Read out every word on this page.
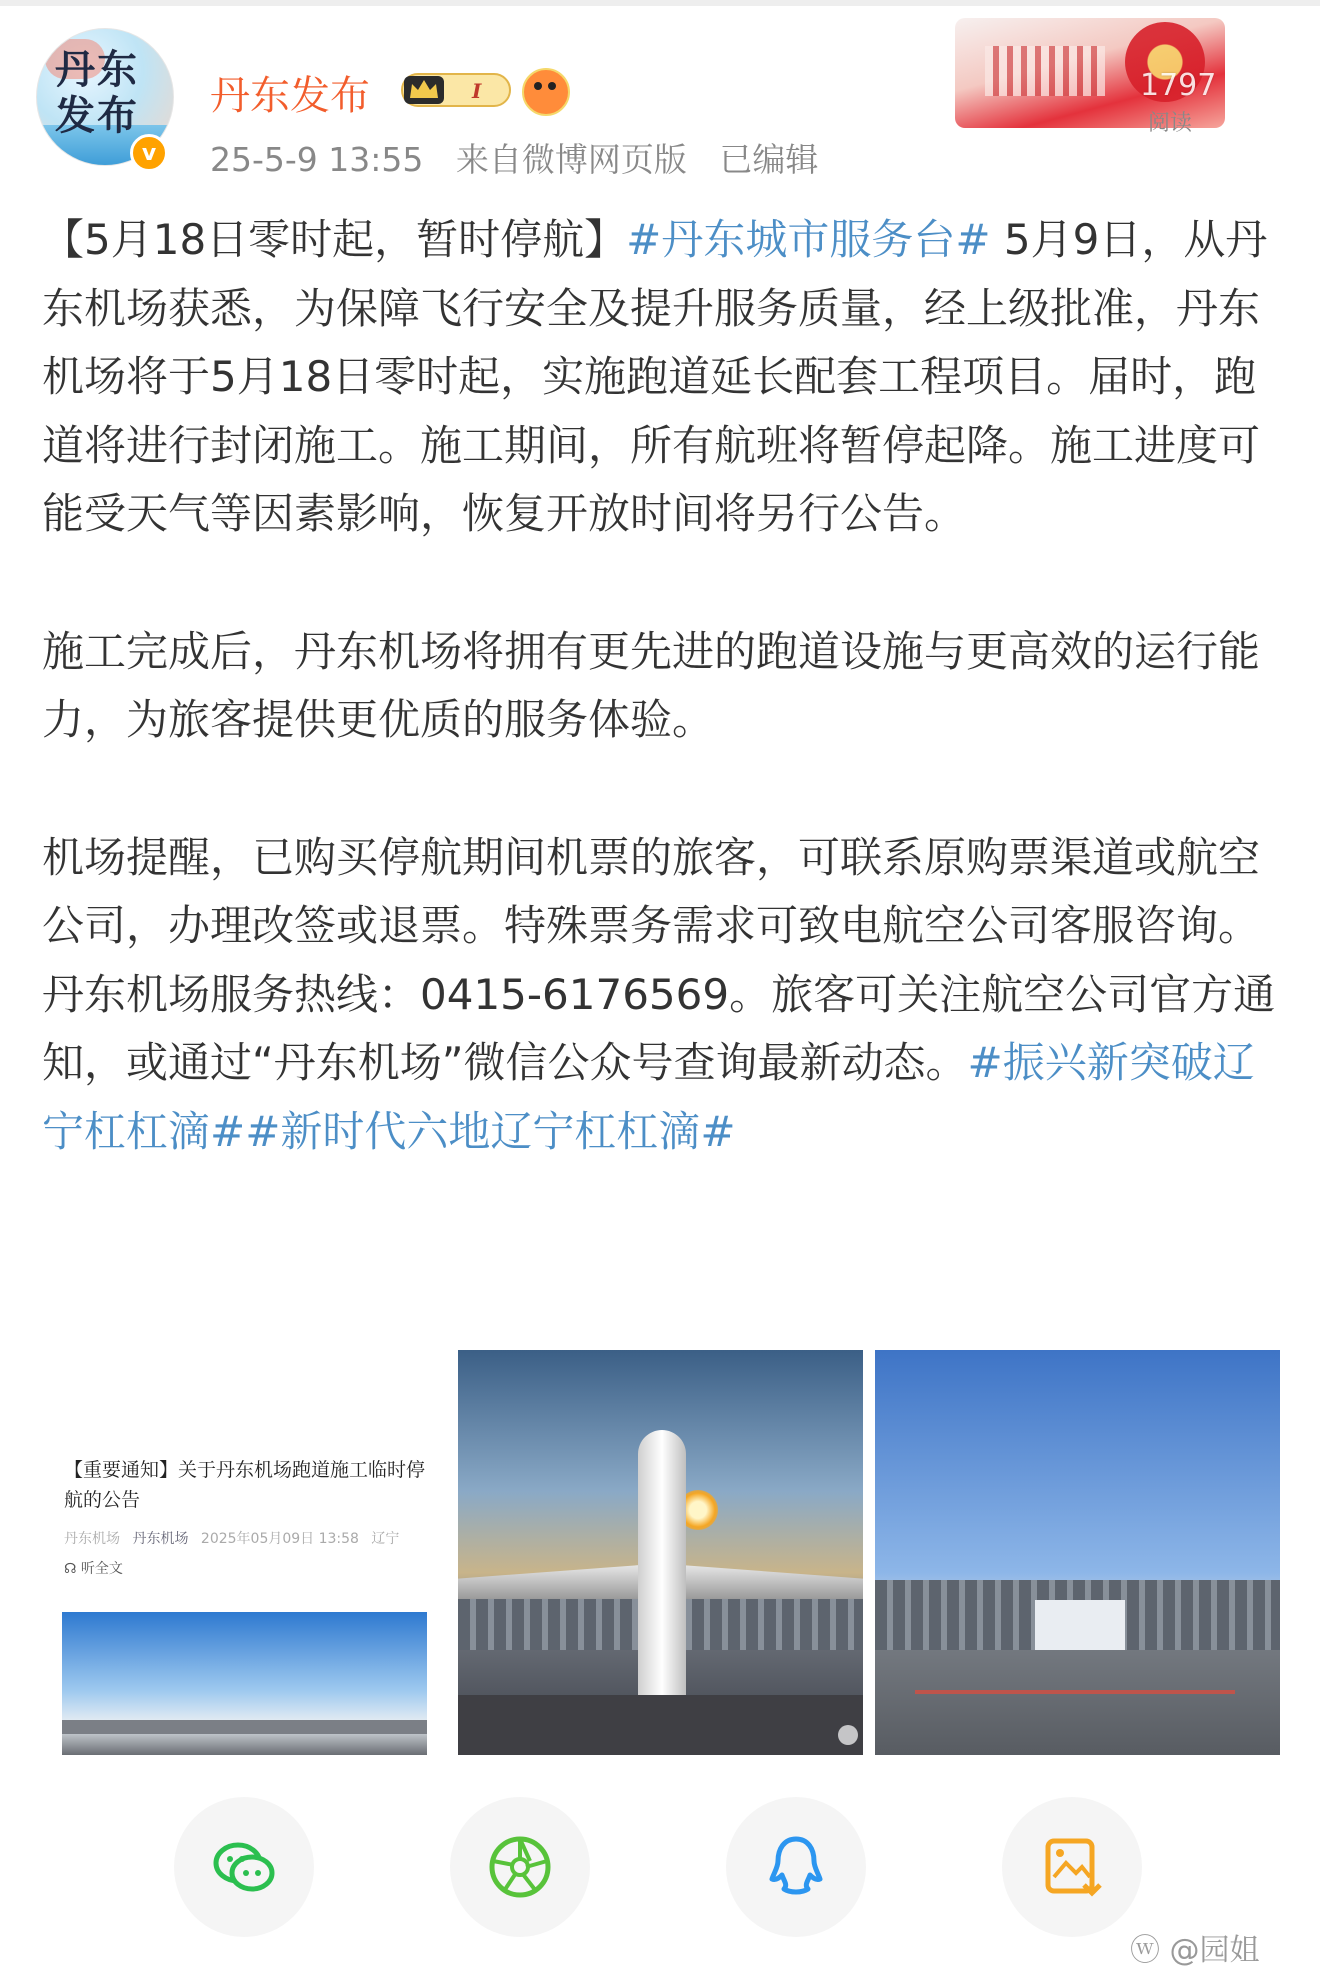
丹东发布
v
丹东发布	I
25-5-9 13:55 来自微博网页版 已编辑
1797
阅读

【5月18日零时起，暂时停航】#丹东城市服务台# 5月9日，从丹东机场获悉，为保障飞行安全及提升服务质量，经上级批准，丹东机场将于5月18日零时起，实施跑道延长配套工程项目。届时，跑道将进行封闭施工。施工期间，所有航班将暂停起降。施工进度可能受天气等因素影响，恢复开放时间将另行公告。

施工完成后，丹东机场将拥有更先进的跑道设施与更高效的运行能力，为旅客提供更优质的服务体验。

机场提醒，已购买停航期间机票的旅客，可联系原购票渠道或航空公司，办理改签或退票。特殊票务需求可致电航空公司客服咨询。丹东机场服务热线：0415-6176569。旅客可关注航空公司官方通知，或通过“丹东机场”微信公众号查询最新动态。#振兴新突破辽宁杠杠滴##新时代六地辽宁杠杠滴#

【重要通知】关于丹东机场跑道施工临时停航的公告
丹东机场 丹东机场 2025年05月09日 13:58 辽宁
☊ 听全文
ⓦ @园姐
